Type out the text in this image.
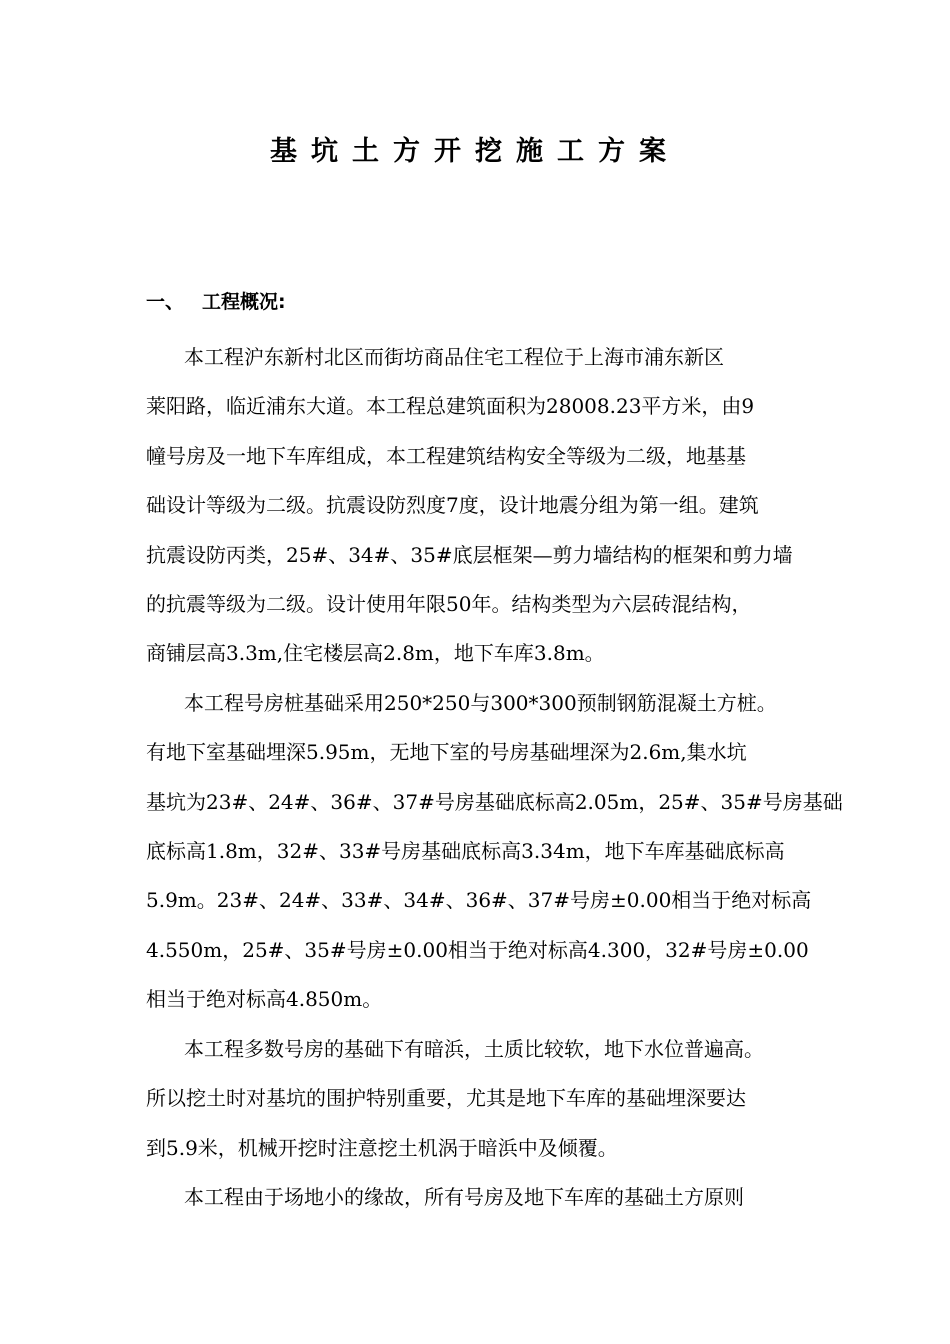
基坑土方开挖施工方案
一、 工程概况:
本工程沪东新村北区而街坊商品住宅工程位于上海市浦东新区
莱阳路，临近浦东大道。本工程总建筑面积为28008.23平方米，由9
幢号房及一地下车库组成，本工程建筑结构安全等级为二级，地基基
础设计等级为二级。抗震设防烈度7度，设计地震分组为第一组。建筑
抗震设防丙类，25#、34#、35#底层框架—剪力墙结构的框架和剪力墙
的抗震等级为二级。设计使用年限50年。结构类型为六层砖混结构，
商铺层高3.3m,住宅楼层高2.8m，地下车库3.8m。
本工程号房桩基础采用250*250与300*300预制钢筋混凝土方桩。
有地下室基础埋深5.95m，无地下室的号房基础埋深为2.6m,集水坑
基坑为23#、24#、36#、37#号房基础底标高2.05m，25#、35#号房基础
底标高1.8m，32#、33#号房基础底标高3.34m，地下车库基础底标高
5.9m。23#、24#、33#、34#、36#、37#号房±0.00相当于绝对标高
4.550m，25#、35#号房±0.00相当于绝对标高4.300，32#号房±0.00
相当于绝对标高4.850m。
本工程多数号房的基础下有暗浜，土质比较软，地下水位普遍高。
所以挖土时对基坑的围护特别重要，尤其是地下车库的基础埋深要达
到5.9米，机械开挖时注意挖土机涡于暗浜中及倾覆。
本工程由于场地小的缘故，所有号房及地下车库的基础土方原则
